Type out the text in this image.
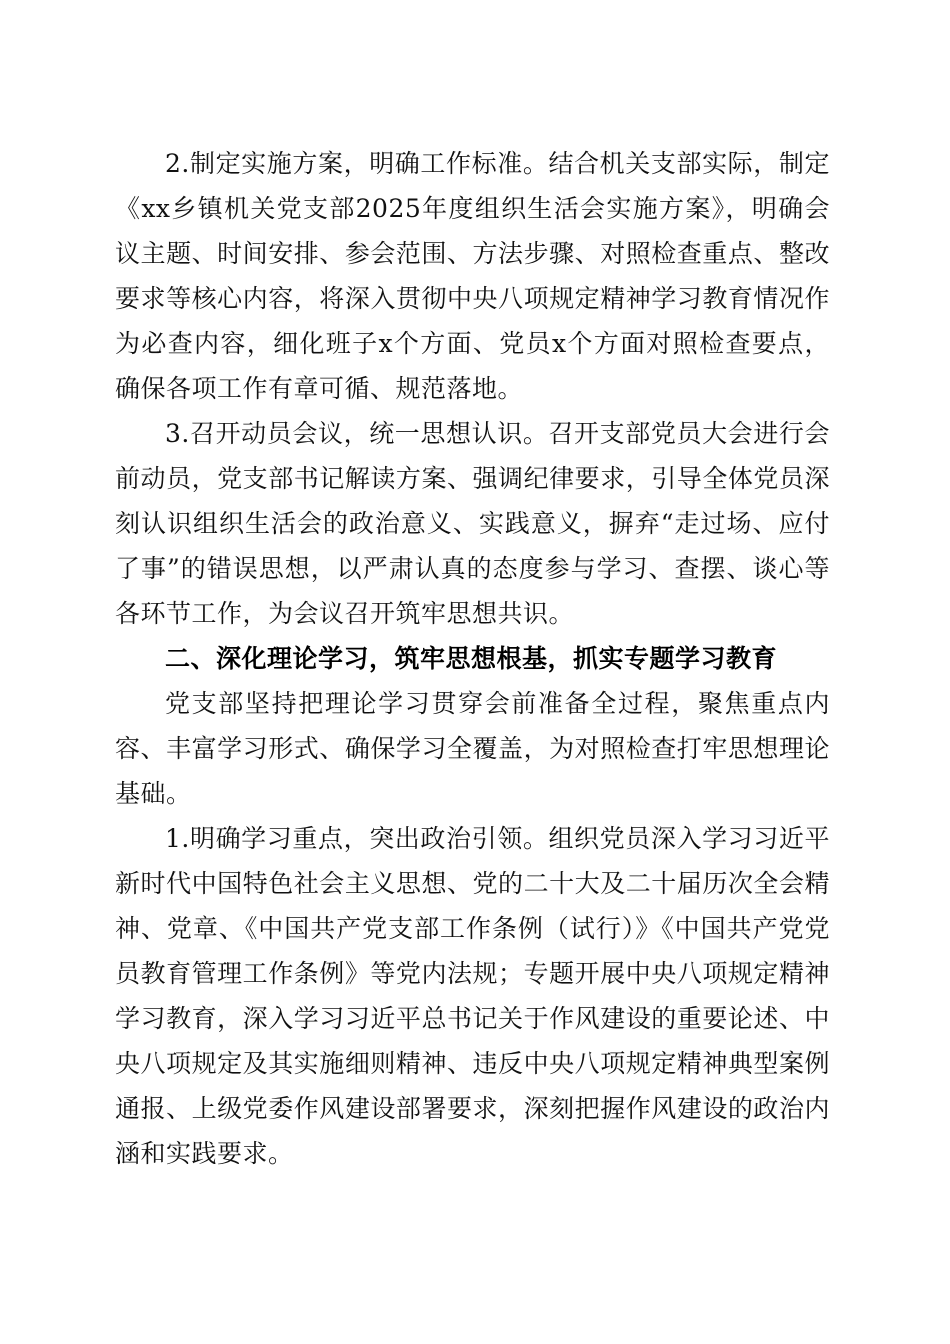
2.制定实施方案，明确工作标准。结合机关支部实际，制定《xx乡镇机关党支部2025年度组织生活会实施方案》，明确会议主题、时间安排、参会范围、方法步骤、对照检查重点、整改要求等核心内容，将深入贯彻中央八项规定精神学习教育情况作为必查内容，细化班子x个方面、党员x个方面对照检查要点，确保各项工作有章可循、规范落地。

3.召开动员会议，统一思想认识。召开支部党员大会进行会前动员，党支部书记解读方案、强调纪律要求，引导全体党员深刻认识组织生活会的政治意义、实践意义，摒弃“走过场、应付了事”的错误思想，以严肃认真的态度参与学习、查摆、谈心等各环节工作，为会议召开筑牢思想共识。

二、深化理论学习，筑牢思想根基，抓实专题学习教育

党支部坚持把理论学习贯穿会前准备全过程，聚焦重点内容、丰富学习形式、确保学习全覆盖，为对照检查打牢思想理论基础。

1.明确学习重点，突出政治引领。组织党员深入学习习近平新时代中国特色社会主义思想、党的二十大及二十届历次全会精神、党章、《中国共产党支部工作条例（试行）》《中国共产党党员教育管理工作条例》等党内法规；专题开展中央八项规定精神学习教育，深入学习习近平总书记关于作风建设的重要论述、中央八项规定及其实施细则精神、违反中央八项规定精神典型案例通报、上级党委作风建设部署要求，深刻把握作风建设的政治内涵和实践要求。
